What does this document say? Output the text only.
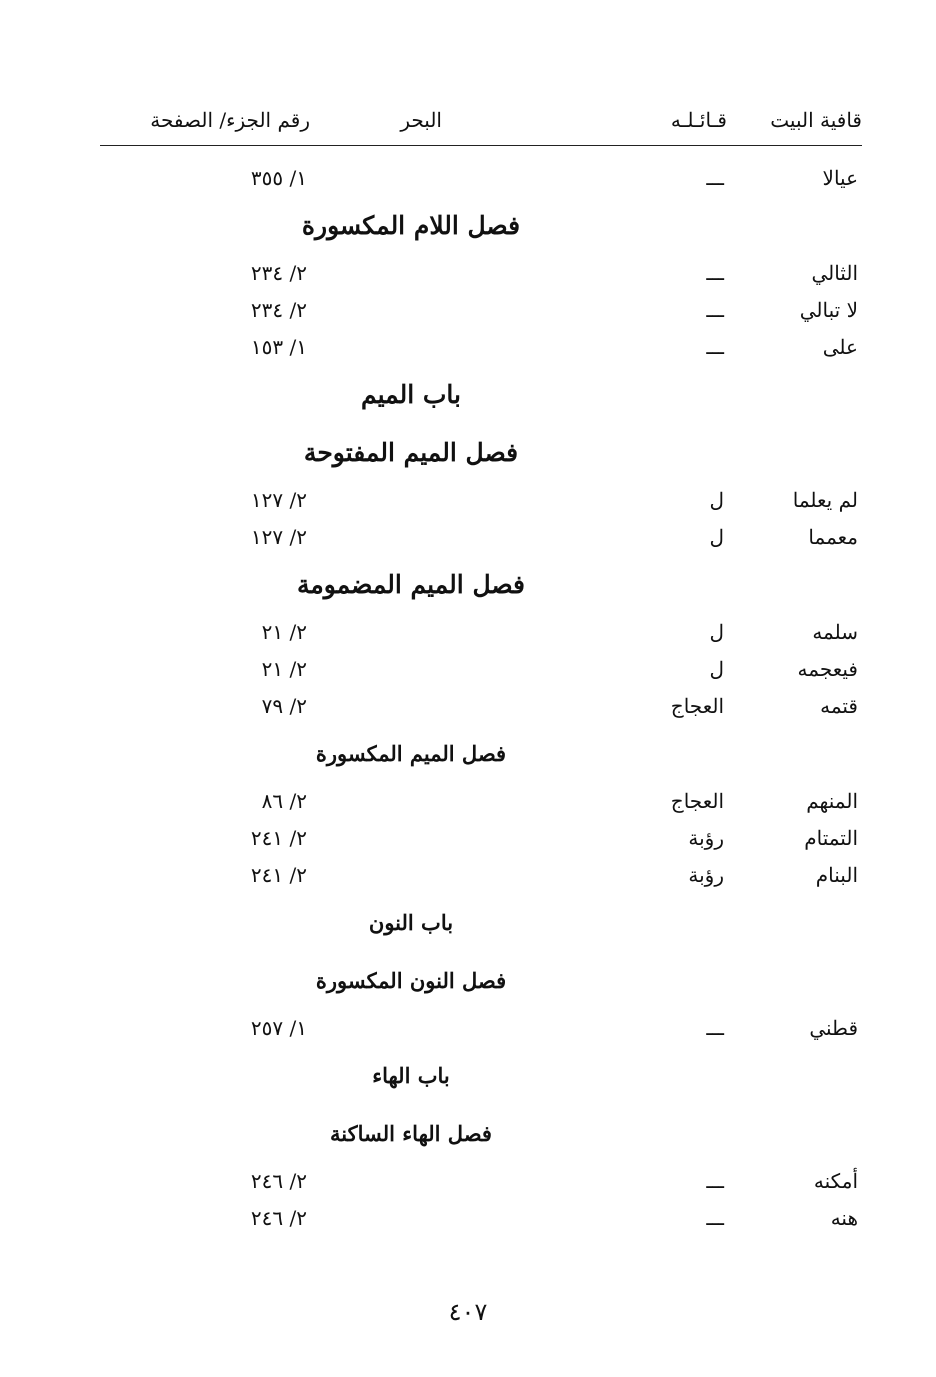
قافية البيت
قـائـلـه
البحر
رقم الجزء/ الصفحة
عيالا
ـــ
١/ ٣٥٥
فصل اللام المكسورة
الثالي
ـــ
٢/ ٢٣٤
لا تبالي
ـــ
٢/ ٢٣٤
على
ـــ
١/ ١٥٣
باب الميم
فصل الميم المفتوحة
لم يعلما
ل
٢/ ١٢٧
معمما
ل
٢/ ١٢٧
فصل الميم المضمومة
سلمه
ل
٢/ ٢١
فيعجمه
ل
٢/ ٢١
قتمه
العجاج
٢/ ٧٩
فصل الميم المكسورة
المنهم
العجاج
٢/ ٨٦
التمتام
رؤبة
٢/ ٢٤١
البنام
رؤبة
٢/ ٢٤١
باب النون
فصل النون المكسورة
قطني
ـــ
١/ ٢٥٧
باب الهاء
فصل الهاء الساكنة
أمكنه
ـــ
٢/ ٢٤٦
هنه
ـــ
٢/ ٢٤٦
٤٠٧
